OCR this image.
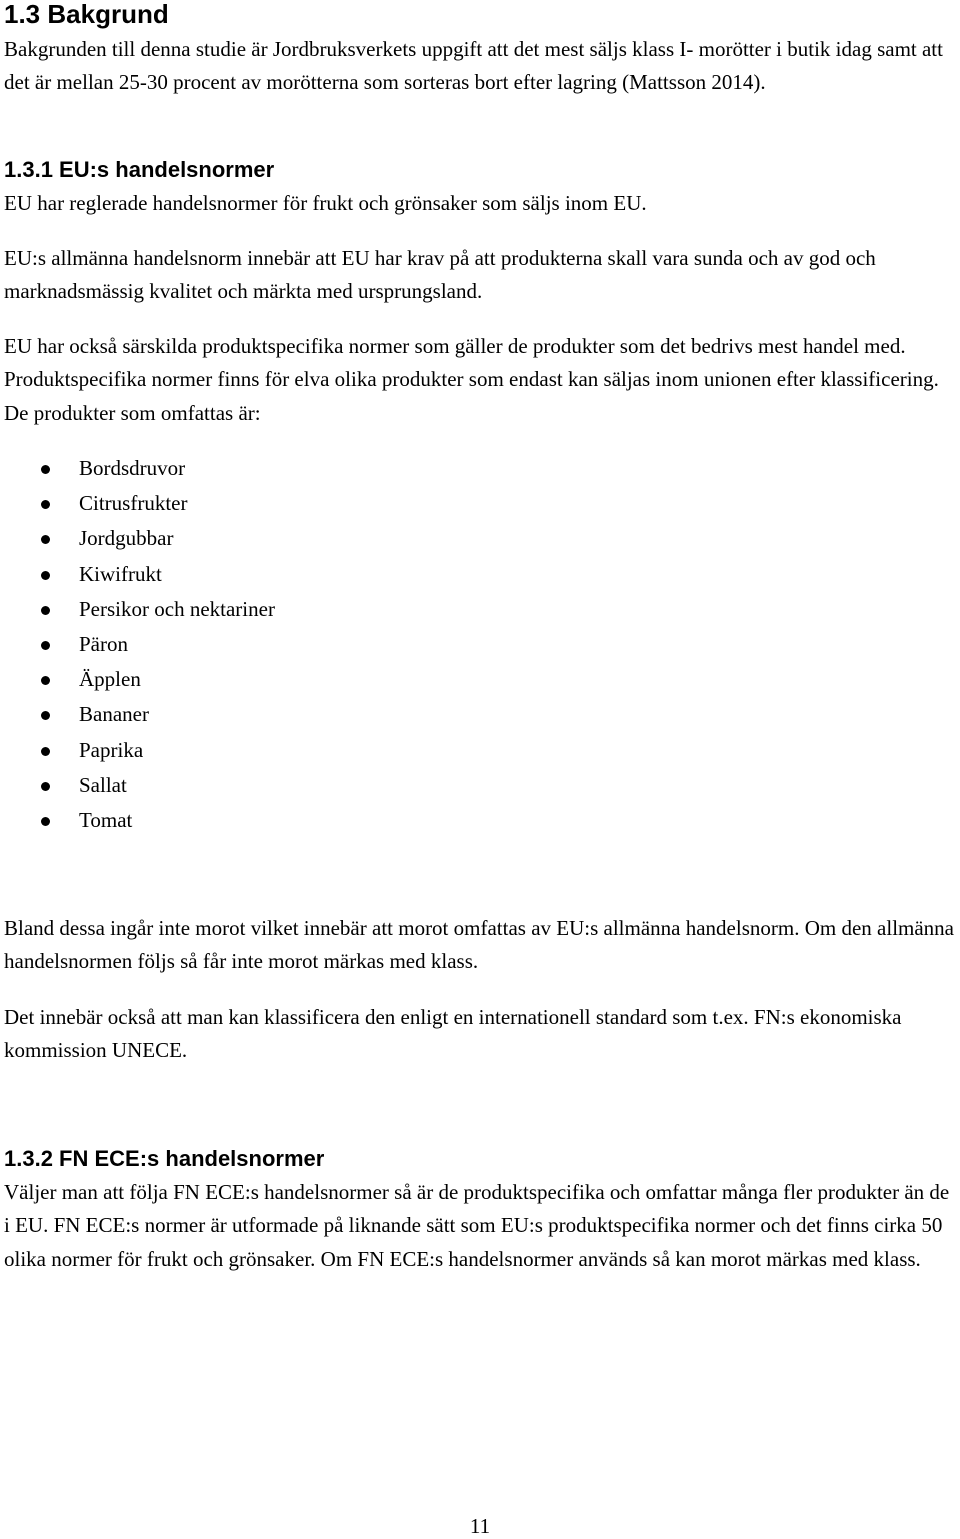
1.3 Bakgrund

Bakgrunden till denna studie är Jordbruksverkets uppgift att det mest säljs klass I- morötter i butik idag samt att det är mellan 25-30 procent av morötterna som sorteras bort efter lagring (Mattsson 2014).

1.3.1 EU:s handelsnormer

EU har reglerade handelsnormer för frukt och grönsaker som säljs inom EU.

EU:s allmänna handelsnorm innebär att EU har krav på att produkterna skall vara sunda och av god och marknadsmässig kvalitet och märkta med ursprungsland.

EU har också särskilda produktspecifika normer som gäller de produkter som det bedrivs mest handel med. Produktspecifika normer finns för elva olika produkter som endast kan säljas inom unionen efter klassificering. De produkter som omfattas är:

Bordsdruvor
Citrusfrukter
Jordgubbar
Kiwifrukt
Persikor och nektariner
Päron
Äpplen
Bananer
Paprika
Sallat
Tomat

Bland dessa ingår inte morot vilket innebär att morot omfattas av EU:s allmänna handelsnorm. Om den allmänna handelsnormen följs så får inte morot märkas med klass.

Det innebär också att man kan klassificera den enligt en internationell standard som t.ex. FN:s ekonomiska kommission UNECE.

1.3.2 FN ECE:s handelsnormer

Väljer man att följa FN ECE:s handelsnormer så är de produktspecifika och omfattar många fler produkter än de i EU. FN ECE:s normer är utformade på liknande sätt som EU:s produktspecifika normer och det finns cirka 50 olika normer för frukt och grönsaker. Om FN ECE:s handelsnormer används så kan morot märkas med klass.

11
